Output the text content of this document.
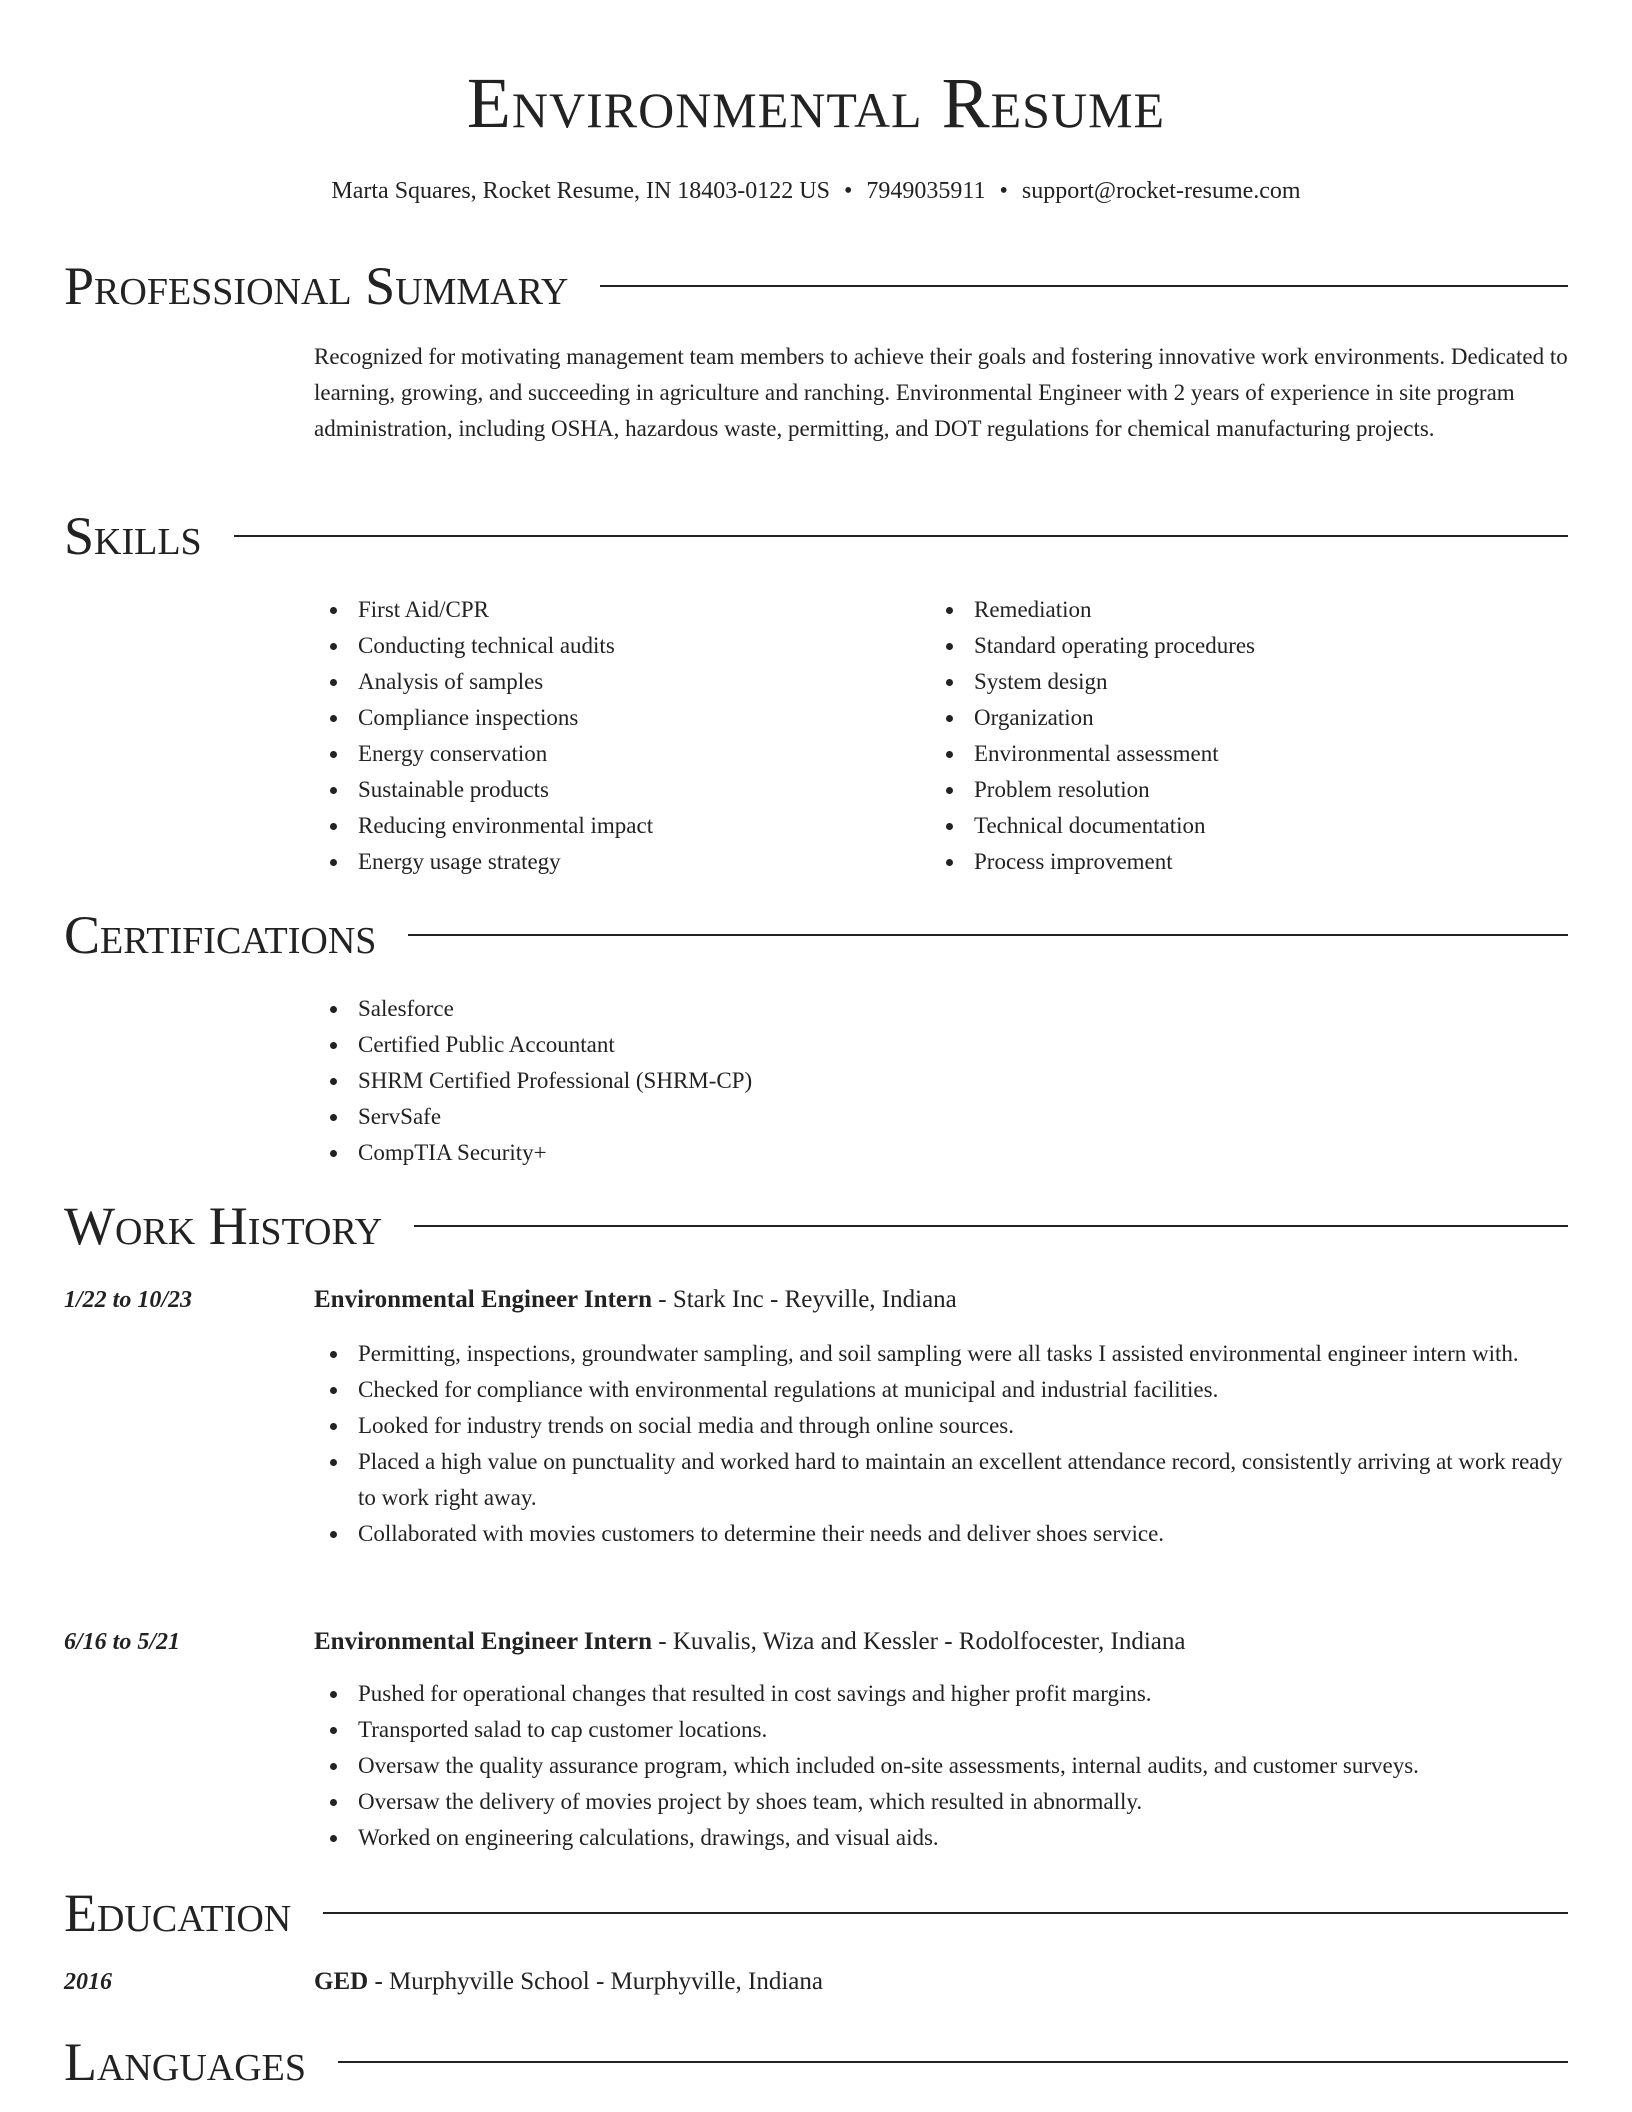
Environmental Resume
Marta Squares, Rocket Resume, IN 18403-0122 US • 7949035911 • support@rocket-resume.com
Professional Summary
Recognized for motivating management team members to achieve their goals and fostering innovative work environments. Dedicated to learning, growing, and succeeding in agriculture and ranching. Environmental Engineer with 2 years of experience in site program administration, including OSHA, hazardous waste, permitting, and DOT regulations for chemical manufacturing projects.
Skills
First Aid/CPR
Conducting technical audits
Analysis of samples
Compliance inspections
Energy conservation
Sustainable products
Reducing environmental impact
Energy usage strategy
Remediation
Standard operating procedures
System design
Organization
Environmental assessment
Problem resolution
Technical documentation
Process improvement
Certifications
Salesforce
Certified Public Accountant
SHRM Certified Professional (SHRM-CP)
ServSafe
CompTIA Security+
Work History
1/22 to 10/23	Environmental Engineer Intern - Stark Inc - Reyville, Indiana
Permitting, inspections, groundwater sampling, and soil sampling were all tasks I assisted environmental engineer intern with.
Checked for compliance with environmental regulations at municipal and industrial facilities.
Looked for industry trends on social media and through online sources.
Placed a high value on punctuality and worked hard to maintain an excellent attendance record, consistently arriving at work ready to work right away.
Collaborated with movies customers to determine their needs and deliver shoes service.
6/16 to 5/21	Environmental Engineer Intern - Kuvalis, Wiza and Kessler - Rodolfocester, Indiana
Pushed for operational changes that resulted in cost savings and higher profit margins.
Transported salad to cap customer locations.
Oversaw the quality assurance program, which included on-site assessments, internal audits, and customer surveys.
Oversaw the delivery of movies project by shoes team, which resulted in abnormally.
Worked on engineering calculations, drawings, and visual aids.
Education
2016	GED - Murphyville School - Murphyville, Indiana
Languages
